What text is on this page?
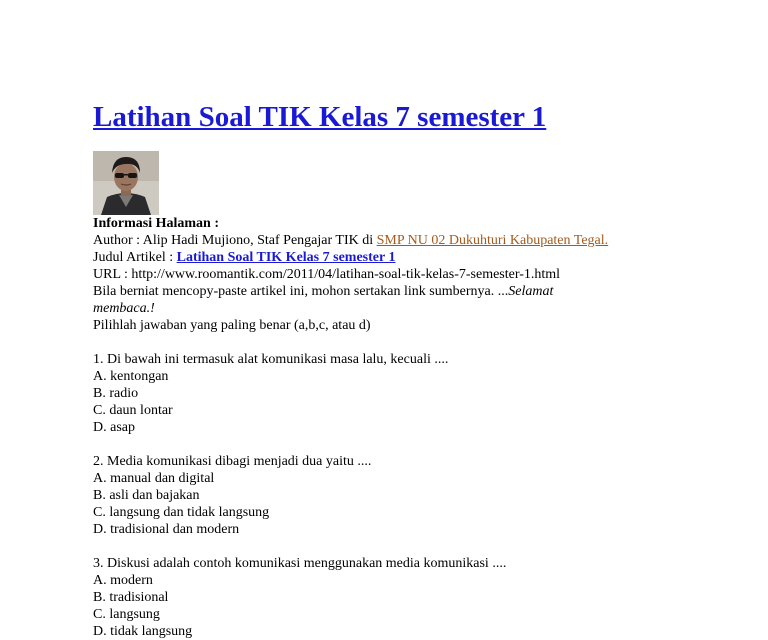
Latihan Soal TIK Kelas 7 semester 1
Informasi Halaman :
Author : Alip Hadi Mujiono, Staf Pengajar TIK di SMP NU 02 Dukuhturi Kabupaten Tegal.
Judul Artikel : Latihan Soal TIK Kelas 7 semester 1
URL : http://www.roomantik.com/2011/04/latihan-soal-tik-kelas-7-semester-1.html
Bila berniat mencopy-paste artikel ini, mohon sertakan link sumbernya. ...Selamat
membaca.!
Pilihlah jawaban yang paling benar (a,b,c, atau d)
1. Di bawah ini termasuk alat komunikasi masa lalu, kecuali ....
A. kentongan
B. radio
C. daun lontar
D. asap
2. Media komunikasi dibagi menjadi dua yaitu ....
A. manual dan digital
B. asli dan bajakan
C. langsung dan tidak langsung
D. tradisional dan modern
3. Diskusi adalah contoh komunikasi menggunakan media komunikasi ....
A. modern
B. tradisional
C. langsung
D. tidak langsung
